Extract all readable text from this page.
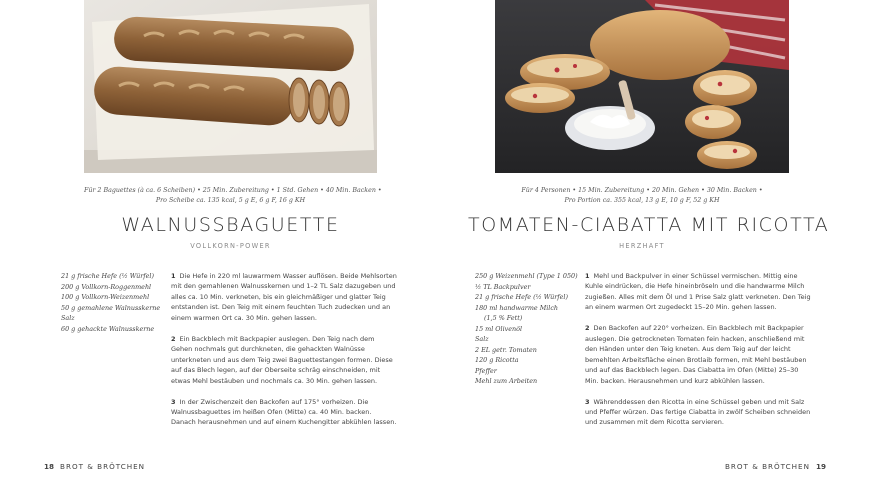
Für 2 Baguettes (à ca. 6 Scheiben) • 25 Min. Zubereitung • 1 Std. Gehen • 40 Min. Backen •
Pro Scheibe ca. 135 kcal, 5 g E, 6 g F, 16 g KH
WALNUSSBAGUETTE
VOLLKORN-POWER
21 g frische Hefe (½ Würfel)
200 g Vollkorn-Roggenmehl
100 g Vollkorn-Weizenmehl
50 g gemahlene Walnusskerne
Salz
60 g gehackte Walnusskerne

1 Die Hefe in 220 ml lauwarmem Wasser auflösen. Beide Mehlsorten mit den gemahlenen Walnusskernen und 1–2 TL Salz dazugeben und alles ca. 10 Min. verkneten, bis ein gleichmäßiger und glatter Teig entstanden ist. Den Teig mit einem feuchten Tuch zudecken und an einem warmen Ort ca. 30 Min. gehen lassen.

2 Ein Backblech mit Backpapier auslegen. Den Teig nach dem Gehen nochmals gut durchkneten, die gehackten Walnüsse unterkneten und aus dem Teig zwei Baguettestangen formen. Diese auf das Blech legen, auf der Oberseite schräg einschneiden, mit etwas Mehl bestäuben und nochmals ca. 30 Min. gehen lassen.

3 In der Zwischenzeit den Backofen auf 175° vorheizen. Die Walnussbaguettes im heißen Ofen (Mitte) ca. 40 Min. backen. Danach herausnehmen und auf einem Kuchengitter abkühlen lassen.

18 BROT & BRÖTCHEN
Für 4 Personen • 15 Min. Zubereitung • 20 Min. Gehen • 30 Min. Backen •
Pro Portion ca. 355 kcal, 13 g E, 10 g F, 52 g KH
TOMATEN-CIABATTA MIT RICOTTA
HERZHAFT
250 g Weizenmehl (Type 1 050)
½ TL Backpulver
21 g frische Hefe (½ Würfel)
180 ml handwarme Milch
(1,5 % Fett)
15 ml Olivenöl
Salz
2 EL getr. Tomaten
120 g Ricotta
Pfeffer
Mehl zum Arbeiten

1 Mehl und Backpulver in einer Schüssel vermischen. Mittig eine Kuhle eindrücken, die Hefe hineinbröseln und die handwarme Milch zugießen. Alles mit dem Öl und 1 Prise Salz glatt verkneten. Den Teig an einem warmen Ort zugedeckt 15–20 Min. gehen lassen.

2 Den Backofen auf 220° vorheizen. Ein Backblech mit Backpapier auslegen. Die getrockneten Tomaten fein hacken, anschließend mit den Händen unter den Teig kneten. Aus dem Teig auf der leicht bemehlten Arbeitsfläche einen Brotlaib formen, mit Mehl bestäuben und auf das Backblech legen. Das Ciabatta im Ofen (Mitte) 25–30 Min. backen. Herausnehmen und kurz abkühlen lassen.

3 Währenddessen den Ricotta in eine Schüssel geben und mit Salz und Pfeffer würzen. Das fertige Ciabatta in zwölf Scheiben schneiden und zusammen mit dem Ricotta servieren.

BROT & BRÖTCHEN 19
